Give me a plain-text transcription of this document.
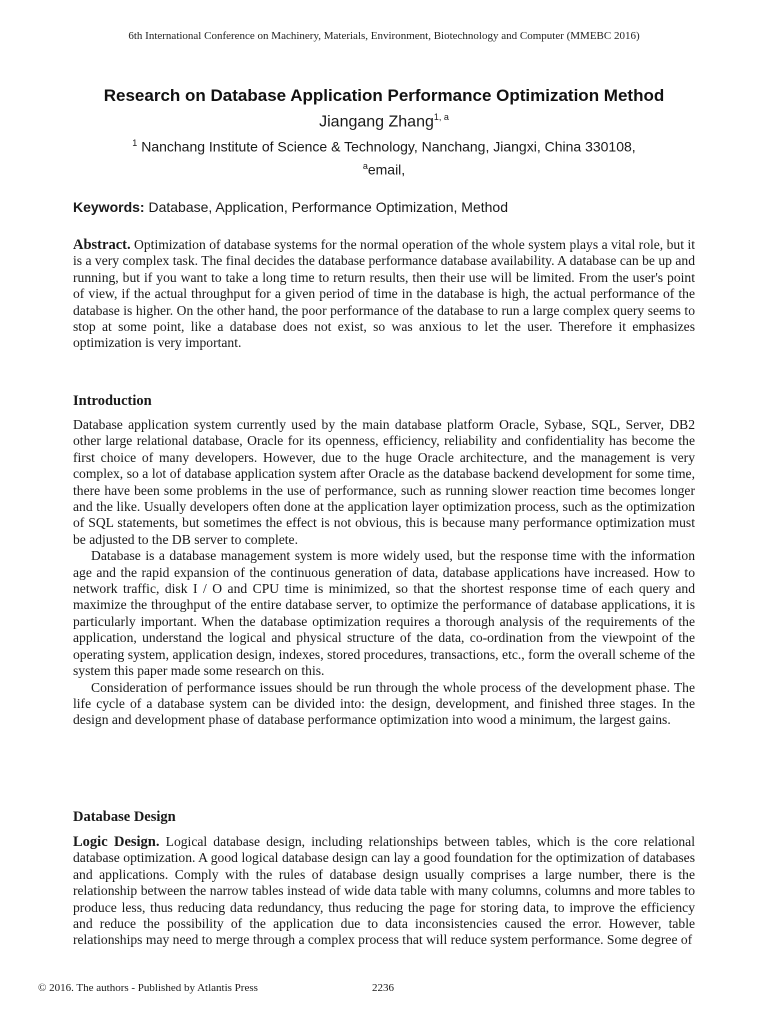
6th International Conference on Machinery, Materials, Environment, Biotechnology and Computer (MMEBC 2016)
Research on Database Application Performance Optimization Method
Jiangang Zhang$^{1, a}$
$^1$ Nanchang Institute of Science & Technology, Nanchang, Jiangxi, China 330108,
$^a$email,
Keywords: Database, Application, Performance Optimization, Method
Abstract. Optimization of database systems for the normal operation of the whole system plays a vital role, but it is a very complex task. The final decides the database performance database availability. A database can be up and running, but if you want to take a long time to return results, then their use will be limited. From the user's point of view, if the actual throughput for a given period of time in the database is high, the actual performance of the database is higher. On the other hand, the poor performance of the database to run a large complex query seems to stop at some point, like a database does not exist, so was anxious to let the user. Therefore it emphasizes optimization is very important.
Introduction

Database application system currently used by the main database platform Oracle, Sybase, SQL, Server, DB2 other large relational database, Oracle for its openness, efficiency, reliability and confidentiality has become the first choice of many developers. However, due to the huge Oracle architecture, and the management is very complex, so a lot of database application system after Oracle as the database backend development for some time, there have been some problems in the use of performance, such as running slower reaction time becomes longer and the like. Usually developers often done at the application layer optimization process, such as the optimization of SQL statements, but sometimes the effect is not obvious, this is because many performance optimization must be adjusted to the DB server to complete.

Database is a database management system is more widely used, but the response time with the information age and the rapid expansion of the continuous generation of data, database applications have increased. How to network traffic, disk I / O and CPU time is minimized, so that the shortest response time of each query and maximize the throughput of the entire database server, to optimize the performance of database applications, it is particularly important. When the database optimization requires a thorough analysis of the requirements of the application, understand the logical and physical structure of the data, co-ordination from the viewpoint of the operating system, application design, indexes, stored procedures, transactions, etc., form the overall scheme of the system this paper made some research on this.

Consideration of performance issues should be run through the whole process of the development phase. The life cycle of a database system can be divided into: the design, development, and finished three stages. In the design and development phase of database performance optimization into wood a minimum, the largest gains.

Database Design
Logic Design. Logical database design, including relationships between tables, which is the core relational database optimization. A good logical database design can lay a good foundation for the optimization of databases and applications. Comply with the rules of database design usually comprises a large number, there is the relationship between the narrow tables instead of wide data table with many columns, columns and more tables to produce less, thus reducing data redundancy, thus reducing the page for storing data, to improve the efficiency and reduce the possibility of the application due to data inconsistencies caused the error. However, table relationships may need to merge through a complex process that will reduce system performance. Some degree of
© 2016. The authors - Published by Atlantis Press	2236
